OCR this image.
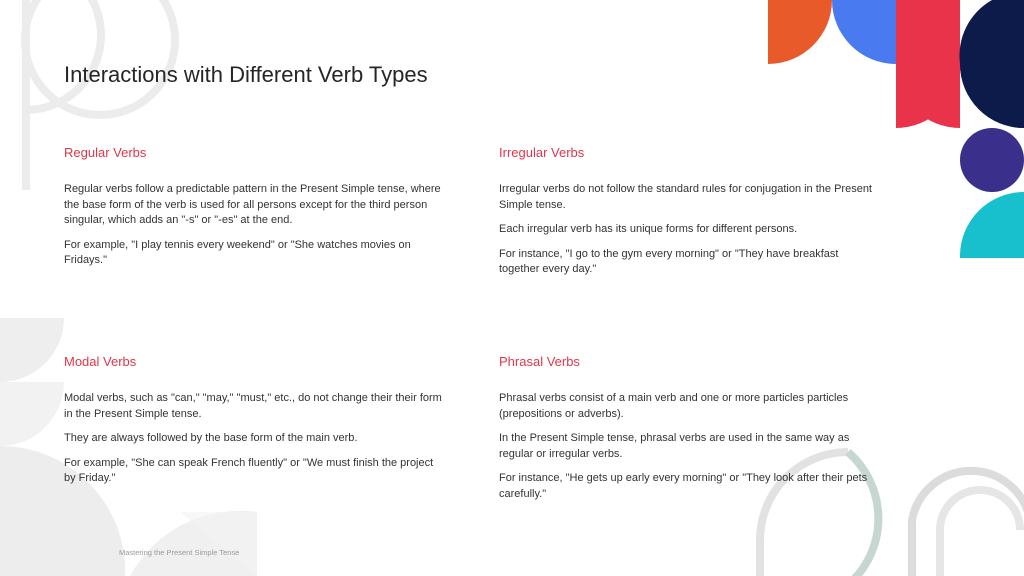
Interactions with Different Verb Types
Regular Verbs

Regular verbs follow a predictable pattern in the Present Simple tense, where the base form of the verb is used for all persons except for the third person singular, which adds an "-s" or "-es" at the end.

For example, "I play tennis every weekend" or "She watches movies on Fridays."

Irregular Verbs

Irregular verbs do not follow the standard rules for conjugation in the Present Simple tense.

Each irregular verb has its unique forms for different persons.

For instance, "I go to the gym every morning" or "They have breakfast together every day."

Modal Verbs

Modal verbs, such as "can," "may," "must," etc., do not change their their form in the Present Simple tense.

They are always followed by the base form of the main verb.

For example, "She can speak French fluently" or "We must finish the project by Friday."

Phrasal Verbs

Phrasal verbs consist of a main verb and one or more particles particles (prepositions or adverbs).

In the Present Simple tense, phrasal verbs are used in the same way as regular or irregular verbs.

For instance, "He gets up early every morning" or "They look after their pets carefully."

Mastering the Present Simple Tense
